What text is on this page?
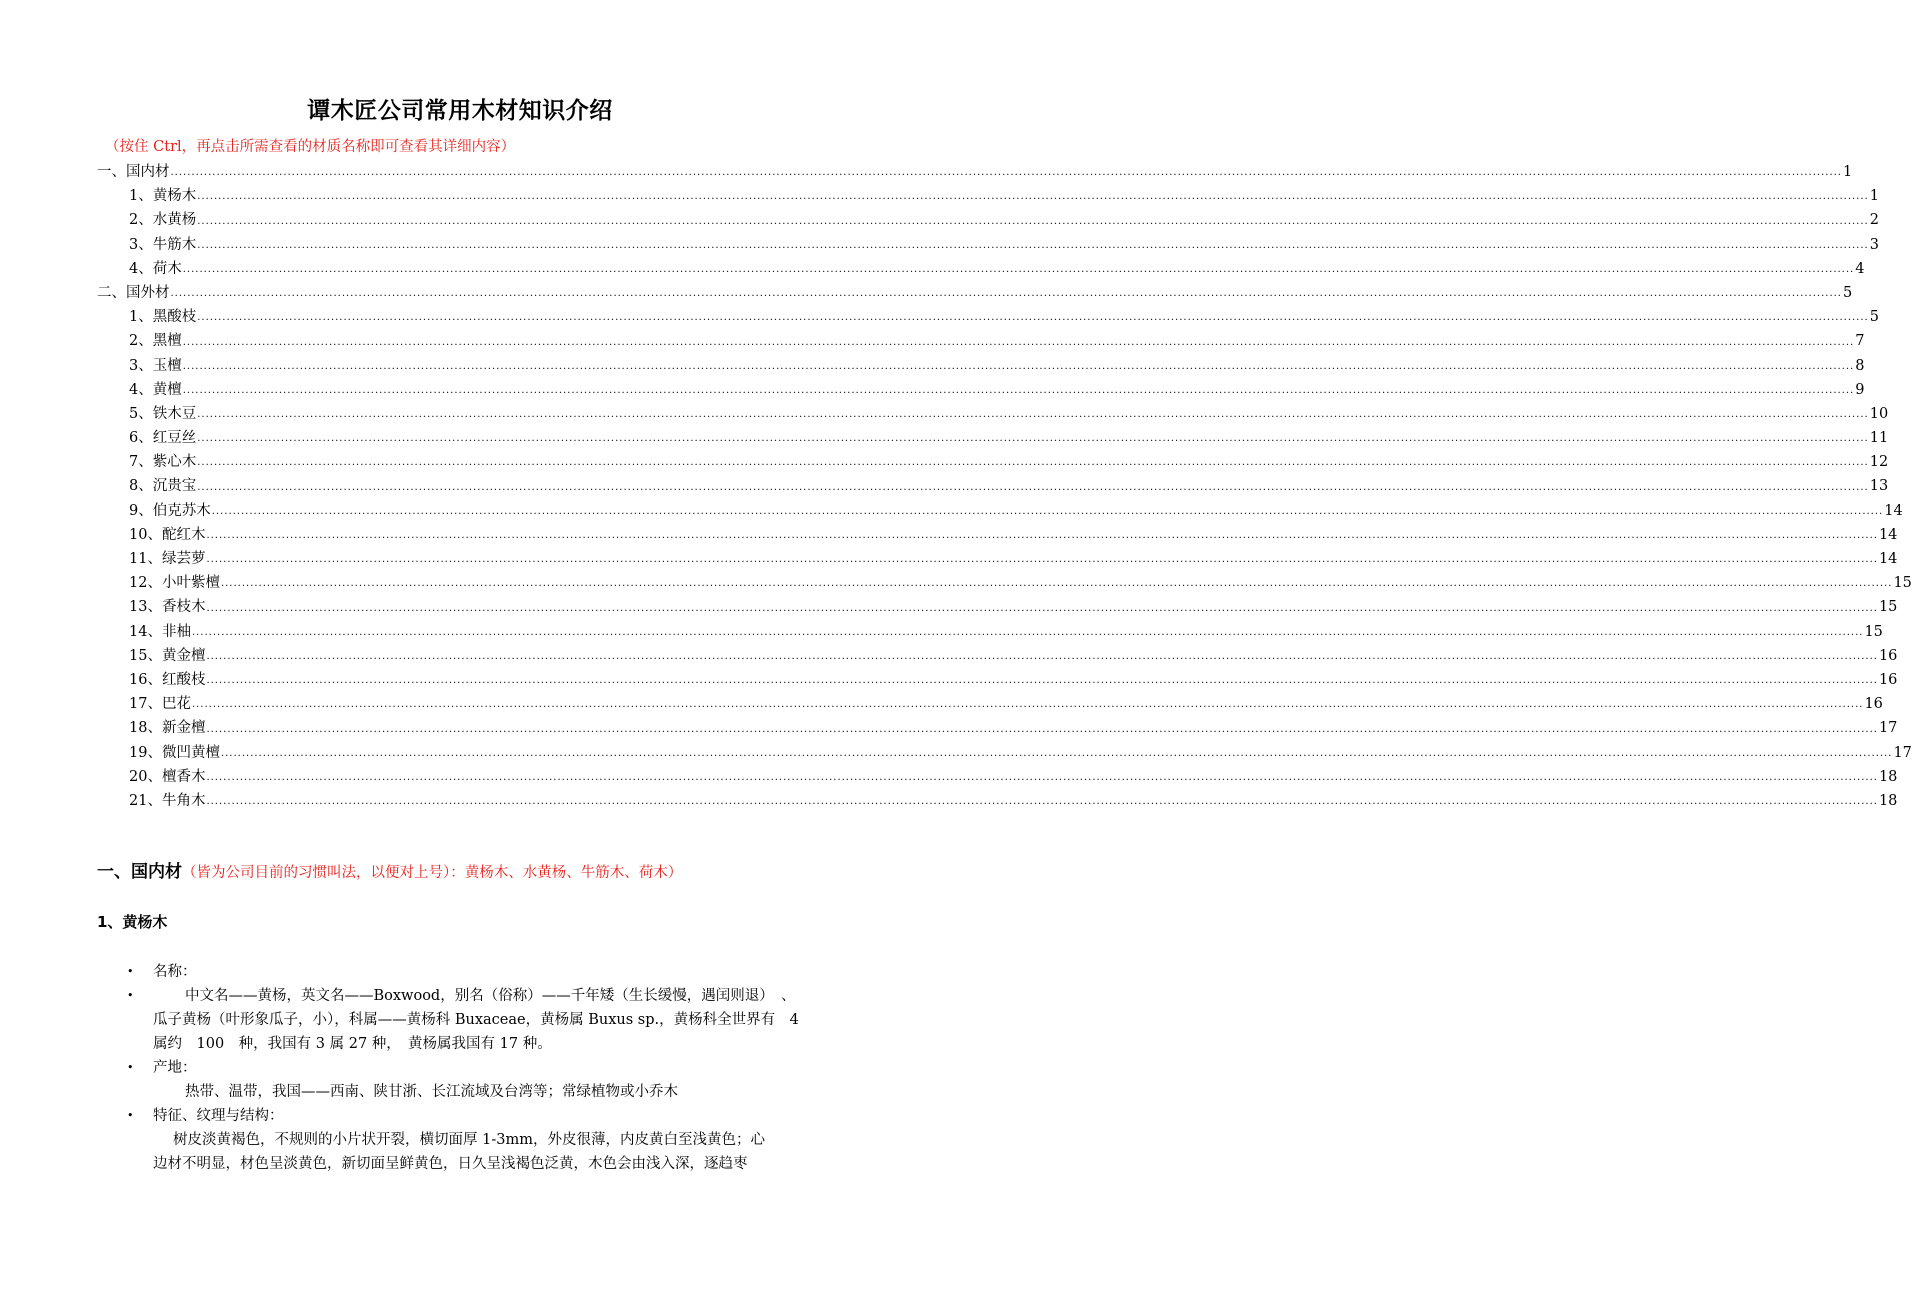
谭木匠公司常用木材知识介绍
（按住 Ctrl，再点击所需查看的材质名称即可查看其详细内容）
一、国内材 ................................................................................................................................................................................................................................................................................................................................................................................................................ 1
1、黄杨木 ................................................................................................................................................................................................................................................................................................................................................................................................................ 1
2、水黄杨 ................................................................................................................................................................................................................................................................................................................................................................................................................ 2
3、牛筋木 ................................................................................................................................................................................................................................................................................................................................................................................................................ 3
4、荷木 ................................................................................................................................................................................................................................................................................................................................................................................................................ 4
二、国外材 ................................................................................................................................................................................................................................................................................................................................................................................................................ 5
1、黑酸枝 ................................................................................................................................................................................................................................................................................................................................................................................................................ 5
2、黑檀 ................................................................................................................................................................................................................................................................................................................................................................................................................ 7
3、玉檀 ................................................................................................................................................................................................................................................................................................................................................................................................................ 8
4、黄檀 ................................................................................................................................................................................................................................................................................................................................................................................................................ 9
5、铁木豆 ................................................................................................................................................................................................................................................................................................................................................................................................................ 10
6、红豆丝 ................................................................................................................................................................................................................................................................................................................................................................................................................ 11
7、紫心木 ................................................................................................................................................................................................................................................................................................................................................................................................................ 12
8、沉贵宝 ................................................................................................................................................................................................................................................................................................................................................................................................................ 13
9、伯克苏木 ................................................................................................................................................................................................................................................................................................................................................................................................................ 14
10、酡红木 ................................................................................................................................................................................................................................................................................................................................................................................................................ 14
11、绿芸萝 ................................................................................................................................................................................................................................................................................................................................................................................................................ 14
12、小叶紫檀 ................................................................................................................................................................................................................................................................................................................................................................................................................ 15
13、香枝木 ................................................................................................................................................................................................................................................................................................................................................................................................................ 15
14、非柚 ................................................................................................................................................................................................................................................................................................................................................................................................................ 15
15、黄金檀 ................................................................................................................................................................................................................................................................................................................................................................................................................ 16
16、红酸枝 ................................................................................................................................................................................................................................................................................................................................................................................................................ 16
17、巴花 ................................................................................................................................................................................................................................................................................................................................................................................................................ 16
18、新金檀 ................................................................................................................................................................................................................................................................................................................................................................................................................ 17
19、微凹黄檀 ................................................................................................................................................................................................................................................................................................................................................................................................................ 17
20、檀香木 ................................................................................................................................................................................................................................................................................................................................................................................................................ 18
21、牛角木 ................................................................................................................................................................................................................................................................................................................................................................................................................ 18
一、国内材（皆为公司目前的习惯叫法，以便对上号）：黄杨木、水黄杨、牛筋木、荷木）
1、黄杨木
• 名称：
•	中文名——黄杨，英文名——Boxwood，别名（俗称）——千年矮（生长缓慢，遇闰则退）　、
瓜子黄杨（叶形象瓜子，小），科属——黄杨科 Buxaceae，黄杨属 Buxus sp.，黄杨科全世界有　4
属约　100　种，我国有 3 属 27 种，　黄杨属我国有 17 种。
• 产地：
热带、温带，我国——西南、陕甘浙、长江流域及台湾等；常绿植物或小乔木
• 特征、纹理与结构：
树皮淡黄褐色，不规则的小片状开裂，横切面厚 1-3mm，外皮很薄，内皮黄白至浅黄色；心
边材不明显，材色呈淡黄色，新切面呈鲜黄色，日久呈浅褐色泛黄，木色会由浅入深，逐趋枣
